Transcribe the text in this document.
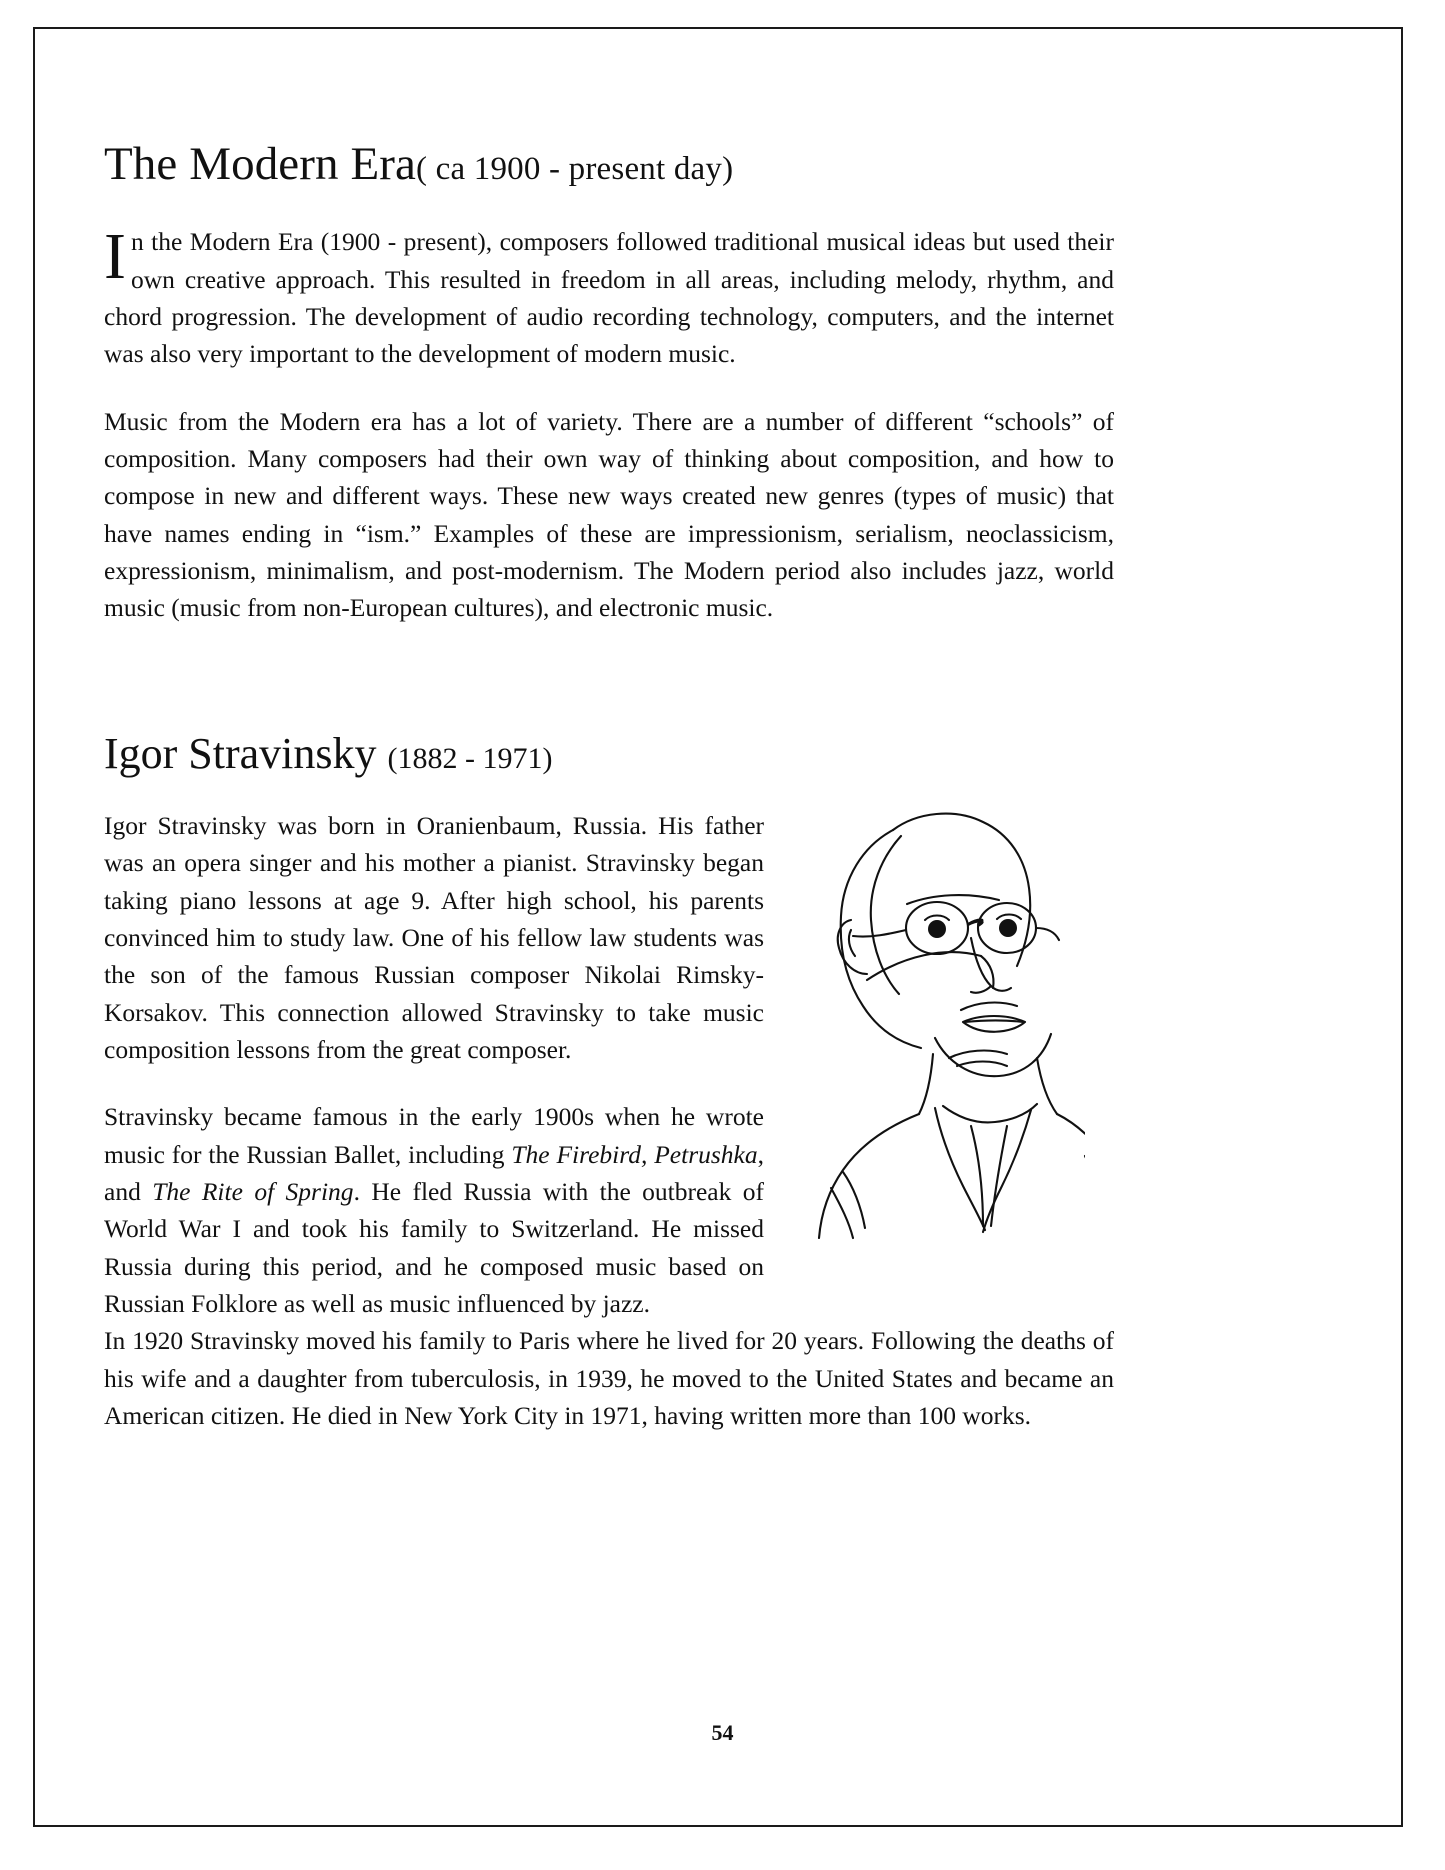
The Modern Era( ca 1900 - present day)

In the Modern Era (1900 - present), composers followed traditional musical ideas but used their own creative approach. This resulted in freedom in all areas, including melody, rhythm, and chord progression. The development of audio recording technology, computers, and the internet was also very important to the development of modern music.

Music from the Modern era has a lot of variety. There are a number of different “schools” of composition. Many composers had their own way of thinking about composition, and how to compose in new and different ways. These new ways created new genres (types of music) that have names ending in “ism.” Examples of these are impressionism, serialism, neoclassicism, expressionism, minimalism, and post-modernism. The Modern period also includes jazz, world music (music from non-European cultures), and electronic music.

Igor Stravinsky (1882 - 1971)

Igor Stravinsky was born in Oranienbaum, Russia. His father was an opera singer and his mother a pianist. Stravinsky began taking piano lessons at age 9. After high school, his parents convinced him to study law. One of his fellow law students was the son of the famous Russian composer Nikolai Rimsky-Korsakov. This connection allowed Stravinsky to take music composition lessons from the great composer.

Stravinsky became famous in the early 1900s when he wrote music for the Russian Ballet, including The Firebird, Petrushka, and The Rite of Spring. He fled Russia with the outbreak of World War I and took his family to Switzerland. He missed Russia during this period, and he composed music based on Russian Folklore as well as music influenced by jazz.

In 1920 Stravinsky moved his family to Paris where he lived for 20 years. Following the deaths of his wife and a daughter from tuberculosis, in 1939, he moved to the United States and became an American citizen. He died in New York City in 1971, having written more than 100 works.

54
